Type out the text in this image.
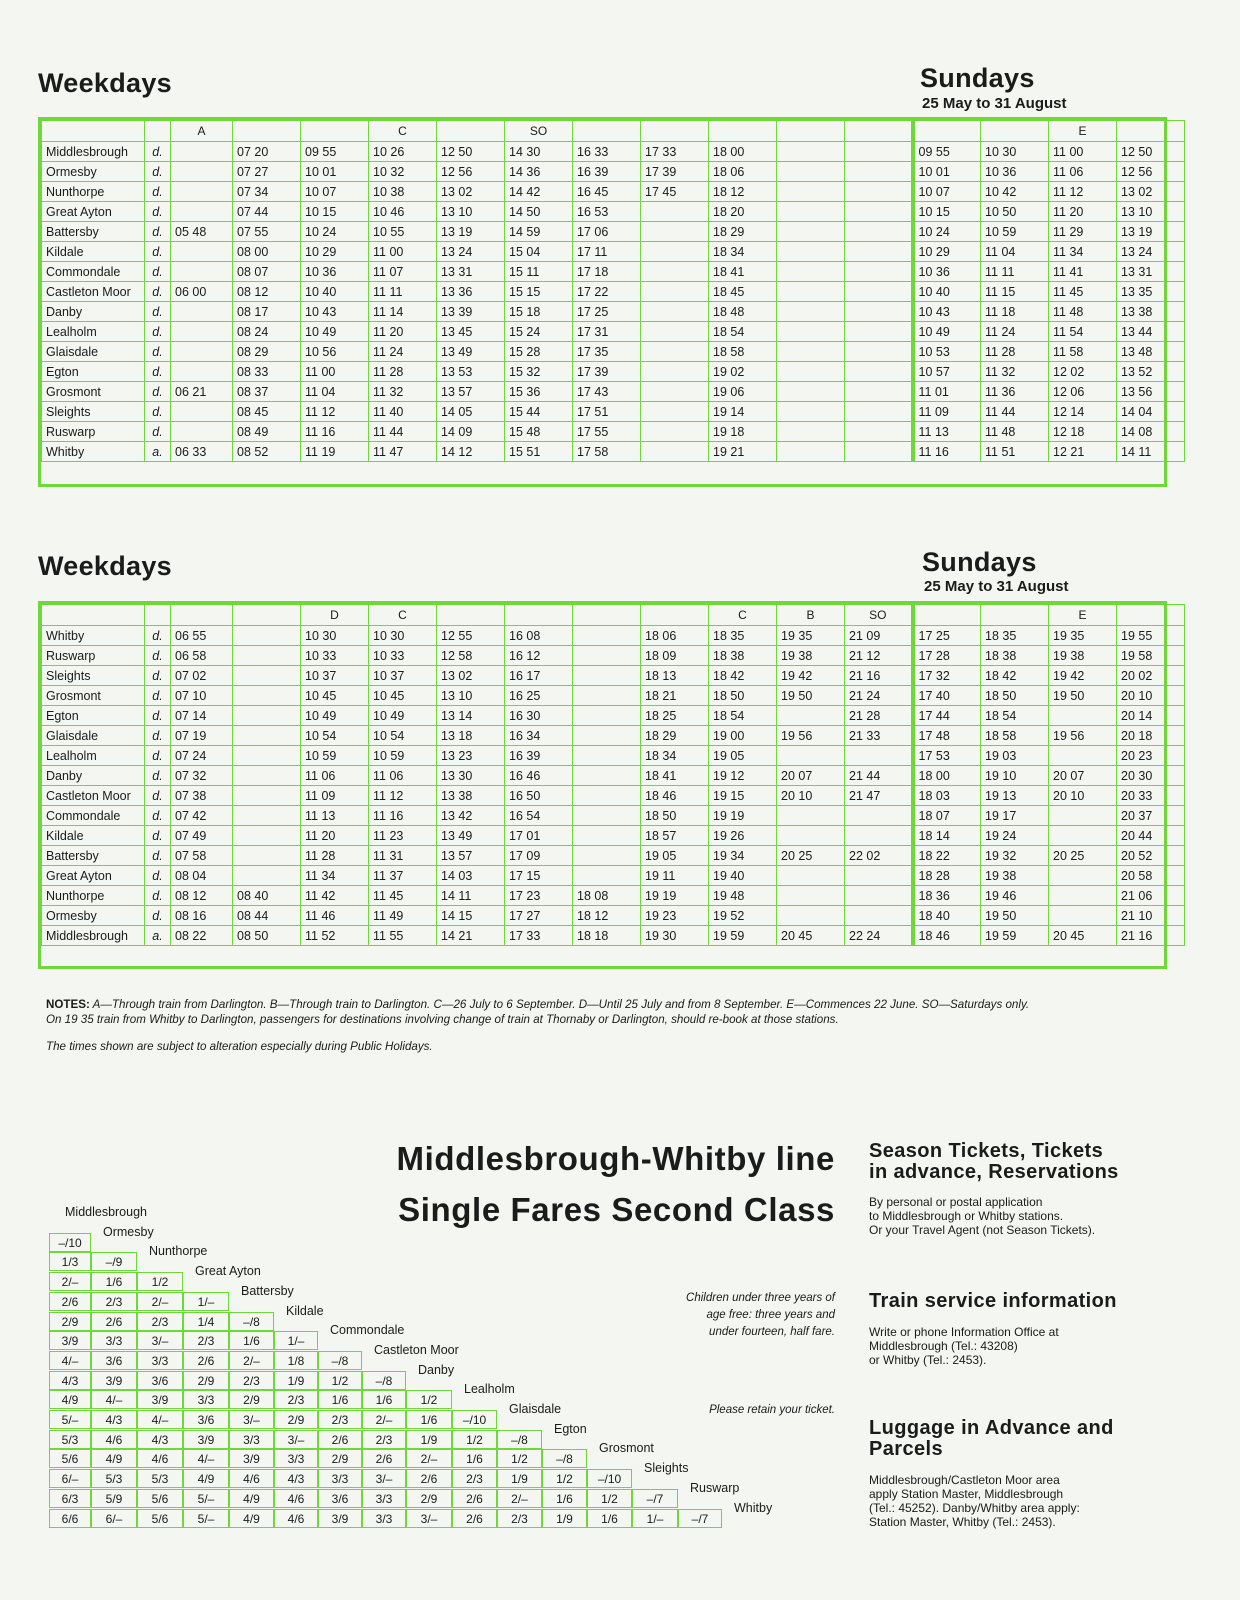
Weekdays	Sundays
25 May to 31 August
		A			C		SO								E	
Middlesbrough	d.		07 20	09 55	10 26	12 50	14 30	16 33	17 33	18 00			09 55	10 30	11 00	12 50
Ormesby	d.		07 27	10 01	10 32	12 56	14 36	16 39	17 39	18 06			10 01	10 36	11 06	12 56
Nunthorpe	d.		07 34	10 07	10 38	13 02	14 42	16 45	17 45	18 12			10 07	10 42	11 12	13 02
Great Ayton	d.		07 44	10 15	10 46	13 10	14 50	16 53		18 20			10 15	10 50	11 20	13 10
Battersby	d.	05 48	07 55	10 24	10 55	13 19	14 59	17 06		18 29			10 24	10 59	11 29	13 19
Kildale	d.		08 00	10 29	11 00	13 24	15 04	17 11		18 34			10 29	11 04	11 34	13 24
Commondale	d.		08 07	10 36	11 07	13 31	15 11	17 18		18 41			10 36	11 11	11 41	13 31
Castleton Moor	d.	06 00	08 12	10 40	11 11	13 36	15 15	17 22		18 45			10 40	11 15	11 45	13 35
Danby	d.		08 17	10 43	11 14	13 39	15 18	17 25		18 48			10 43	11 18	11 48	13 38
Lealholm	d.		08 24	10 49	11 20	13 45	15 24	17 31		18 54			10 49	11 24	11 54	13 44
Glaisdale	d.		08 29	10 56	11 24	13 49	15 28	17 35		18 58			10 53	11 28	11 58	13 48
Egton	d.		08 33	11 00	11 28	13 53	15 32	17 39		19 02			10 57	11 32	12 02	13 52
Grosmont	d.	06 21	08 37	11 04	11 32	13 57	15 36	17 43		19 06			11 01	11 36	12 06	13 56
Sleights	d.		08 45	11 12	11 40	14 05	15 44	17 51		19 14			11 09	11 44	12 14	14 04
Ruswarp	d.		08 49	11 16	11 44	14 09	15 48	17 55		19 18			11 13	11 48	12 18	14 08
Whitby	a.	06 33	08 52	11 19	11 47	14 12	15 51	17 58		19 21			11 16	11 51	12 21	14 11
Weekdays	Sundays
25 May to 31 August
				D	C					C	B	SO			E	
Whitby	d.	06 55		10 30	10 30	12 55	16 08		18 06	18 35	19 35	21 09	17 25	18 35	19 35	19 55
Ruswarp	d.	06 58		10 33	10 33	12 58	16 12		18 09	18 38	19 38	21 12	17 28	18 38	19 38	19 58
Sleights	d.	07 02		10 37	10 37	13 02	16 17		18 13	18 42	19 42	21 16	17 32	18 42	19 42	20 02
Grosmont	d.	07 10		10 45	10 45	13 10	16 25		18 21	18 50	19 50	21 24	17 40	18 50	19 50	20 10
Egton	d.	07 14		10 49	10 49	13 14	16 30		18 25	18 54		21 28	17 44	18 54		20 14
Glaisdale	d.	07 19		10 54	10 54	13 18	16 34		18 29	19 00	19 56	21 33	17 48	18 58	19 56	20 18
Lealholm	d.	07 24		10 59	10 59	13 23	16 39		18 34	19 05			17 53	19 03		20 23
Danby	d.	07 32		11 06	11 06	13 30	16 46		18 41	19 12	20 07	21 44	18 00	19 10	20 07	20 30
Castleton Moor	d.	07 38		11 09	11 12	13 38	16 50		18 46	19 15	20 10	21 47	18 03	19 13	20 10	20 33
Commondale	d.	07 42		11 13	11 16	13 42	16 54		18 50	19 19			18 07	19 17		20 37
Kildale	d.	07 49		11 20	11 23	13 49	17 01		18 57	19 26			18 14	19 24		20 44
Battersby	d.	07 58		11 28	11 31	13 57	17 09		19 05	19 34	20 25	22 02	18 22	19 32	20 25	20 52
Great Ayton	d.	08 04		11 34	11 37	14 03	17 15		19 11	19 40			18 28	19 38		20 58
Nunthorpe	d.	08 12	08 40	11 42	11 45	14 11	17 23	18 08	19 19	19 48			18 36	19 46		21 06
Ormesby	d.	08 16	08 44	11 46	11 49	14 15	17 27	18 12	19 23	19 52			18 40	19 50		21 10
Middlesbrough	a.	08 22	08 50	11 52	11 55	14 21	17 33	18 18	19 30	19 59	20 45	22 24	18 46	19 59	20 45	21 16
NOTES: A—Through train from Darlington. B—Through train to Darlington. C—26 July to 6 September. D—Until 25 July and from 8 September. E—Commences 22 June. SO—Saturdays only.
On 19 35 train from Whitby to Darlington, passengers for destinations involving change of train at Thornaby or Darlington, should re-book at those stations.
The times shown are subject to alteration especially during Public Holidays.
Middlesbrough-Whitby line
Single Fares Second Class
Middlesbrough
–/10
Ormesby
1/3	–/9
Nunthorpe
2/–	1/6	1/2
Great Ayton
2/6	2/3	2/–	1/–
Battersby
2/9	2/6	2/3	1/4	–/8
Kildale
3/9	3/3	3/–	2/3	1/6	1/–
Commondale
4/–	3/6	3/3	2/6	2/–	1/8	–/8
Castleton Moor
4/3	3/9	3/6	2/9	2/3	1/9	1/2	–/8
Danby
4/9	4/–	3/9	3/3	2/9	2/3	1/6	1/6	1/2
Lealholm
5/–	4/3	4/–	3/6	3/–	2/9	2/3	2/–	1/6	–/10
Glaisdale
5/3	4/6	4/3	3/9	3/3	3/–	2/6	2/3	1/9	1/2	–/8
Egton
5/6	4/9	4/6	4/–	3/9	3/3	2/9	2/6	2/–	1/6	1/2	–/8
Grosmont
6/–	5/3	5/3	4/9	4/6	4/3	3/3	3/–	2/6	2/3	1/9	1/2	–/10
Sleights
6/3	5/9	5/6	5/–	4/9	4/6	3/6	3/3	2/9	2/6	2/–	1/6	1/2	–/7
Ruswarp
6/6	6/–	5/6	5/–	4/9	4/6	3/9	3/3	3/–	2/6	2/3	1/9	1/6	1/–	–/7
Whitby
Children under three years of
age free: three years and
under fourteen, half fare.
Please retain your ticket.
Season Tickets, Tickets
in advance, Reservations
By personal or postal application
to Middlesbrough or Whitby stations.
Or your Travel Agent (not Season Tickets).
Train service information
Write or phone Information Office at
Middlesbrough (Tel.: 43208)
or Whitby (Tel.: 2453).
Luggage in Advance and
Parcels
Middlesbrough/Castleton Moor area
apply Station Master, Middlesbrough
(Tel.: 45252). Danby/Whitby area apply:
Station Master, Whitby (Tel.: 2453).
